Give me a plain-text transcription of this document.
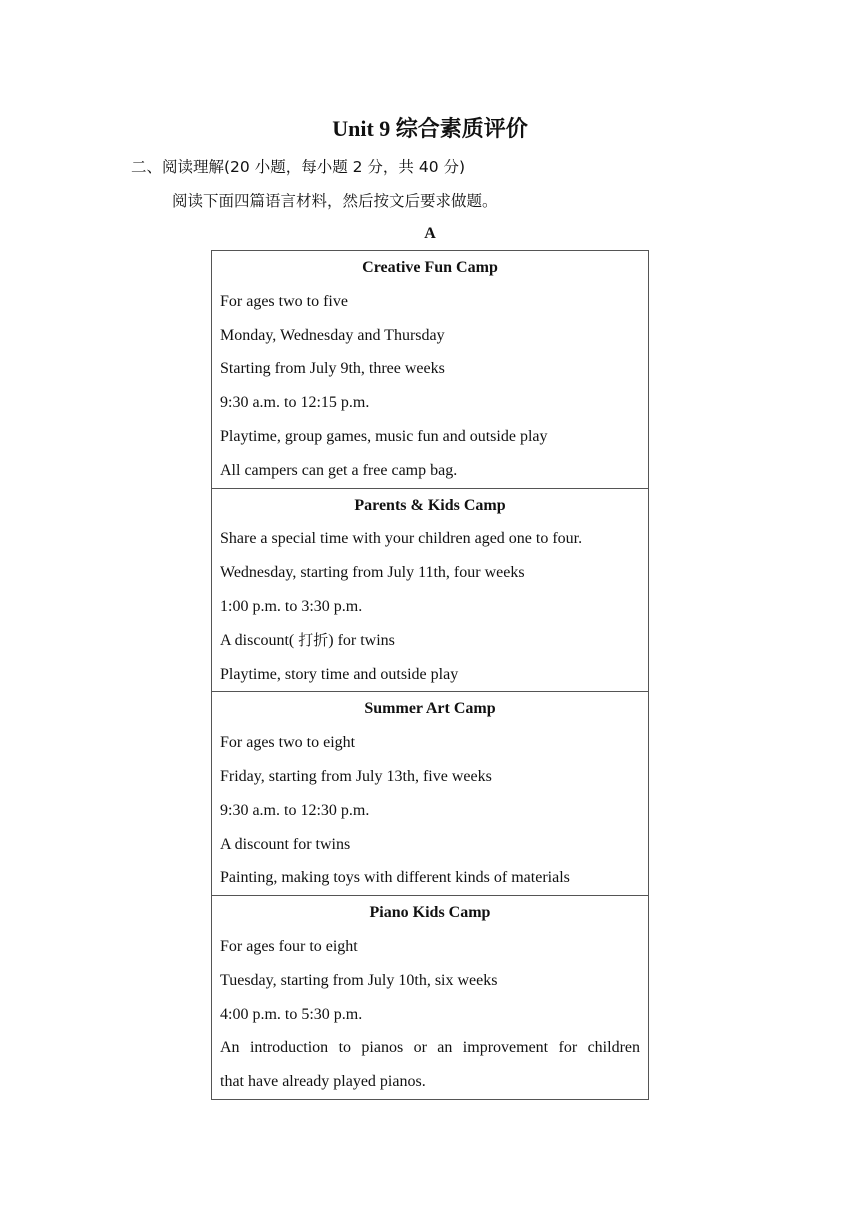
Unit 9 综合素质评价
二、阅读理解(20 小题，每小题 2 分，共 40 分)
阅读下面四篇语言材料，然后按文后要求做题。
A
Creative Fun Camp
For ages two to five
Monday, Wednesday and Thursday
Starting from July 9th, three weeks
9:30 a.m. to 12:15 p.m.
Playtime, group games, music fun and outside play
All campers can get a free camp bag.

Parents & Kids Camp
Share a special time with your children aged one to four.
Wednesday, starting from July 11th, four weeks
1:00 p.m. to 3:30 p.m.
A discount( 打折) for twins
Playtime, story time and outside play

Summer Art Camp
For ages two to eight
Friday, starting from July 13th, five weeks
9:30 a.m. to 12:30 p.m.
A discount for twins
Painting, making toys with different kinds of materials

Piano Kids Camp
For ages four to eight
Tuesday, starting from July 10th, six weeks
4:00 p.m. to 5:30 p.m.
An introduction to pianos or an improvement for children
that have already played pianos.
